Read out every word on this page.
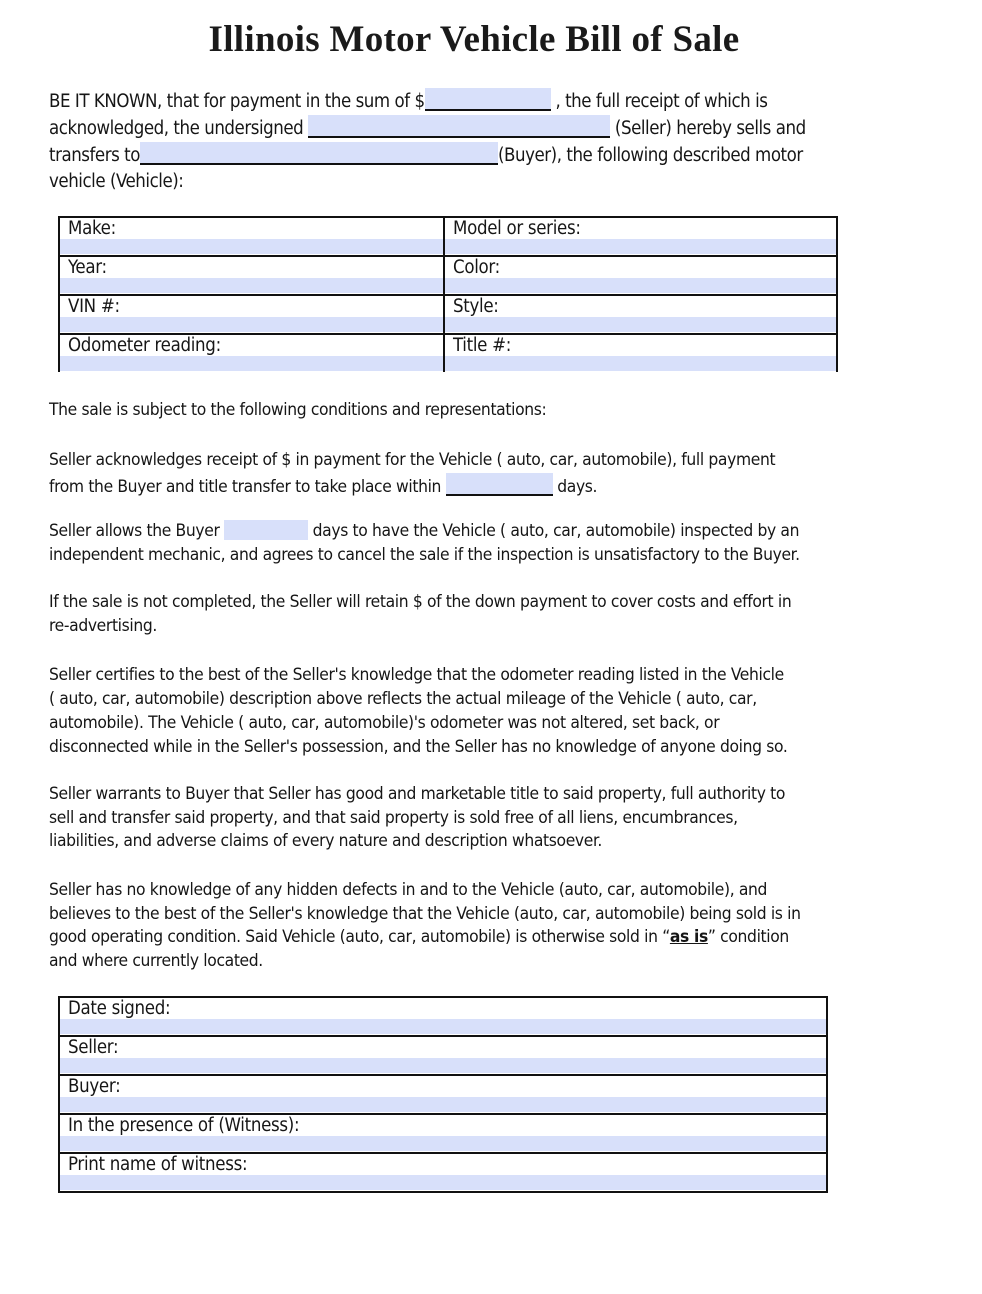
Illinois Motor Vehicle Bill of Sale
BE IT KNOWN, that for payment in the sum of $	, the full receipt of which is
acknowledged, the undersigned	(Seller) hereby sells and
transfers to	(Buyer), the following described motor
vehicle (Vehicle):
Make:	Model or series:

Year:	Color:

VIN #:	Style:

Odometer reading:	Title #:
The sale is subject to the following conditions and representations:
Seller acknowledges receipt of $ in payment for the Vehicle ( auto, car, automobile), full payment
from the Buyer and title transfer to take place within	days.
Seller allows the Buyer	days to have the Vehicle ( auto, car, automobile) inspected by an
independent mechanic, and agrees to cancel the sale if the inspection is unsatisfactory to the Buyer.
If the sale is not completed, the Seller will retain $ of the down payment to cover costs and effort in
re-advertising.
Seller certifies to the best of the Seller's knowledge that the odometer reading listed in the Vehicle
( auto, car, automobile) description above reflects the actual mileage of the Vehicle ( auto, car,
automobile). The Vehicle ( auto, car, automobile)'s odometer was not altered, set back, or
disconnected while in the Seller's possession, and the Seller has no knowledge of anyone doing so.
Seller warrants to Buyer that Seller has good and marketable title to said property, full authority to
sell and transfer said property, and that said property is sold free of all liens, encumbrances,
liabilities, and adverse claims of every nature and description whatsoever.
Seller has no knowledge of any hidden defects in and to the Vehicle (auto, car, automobile), and
believes to the best of the Seller's knowledge that the Vehicle (auto, car, automobile) being sold is in
good operating condition. Said Vehicle (auto, car, automobile) is otherwise sold in “as is” condition
and where currently located.
Date signed:

Seller:

Buyer:

In the presence of (Witness):

Print name of witness:
